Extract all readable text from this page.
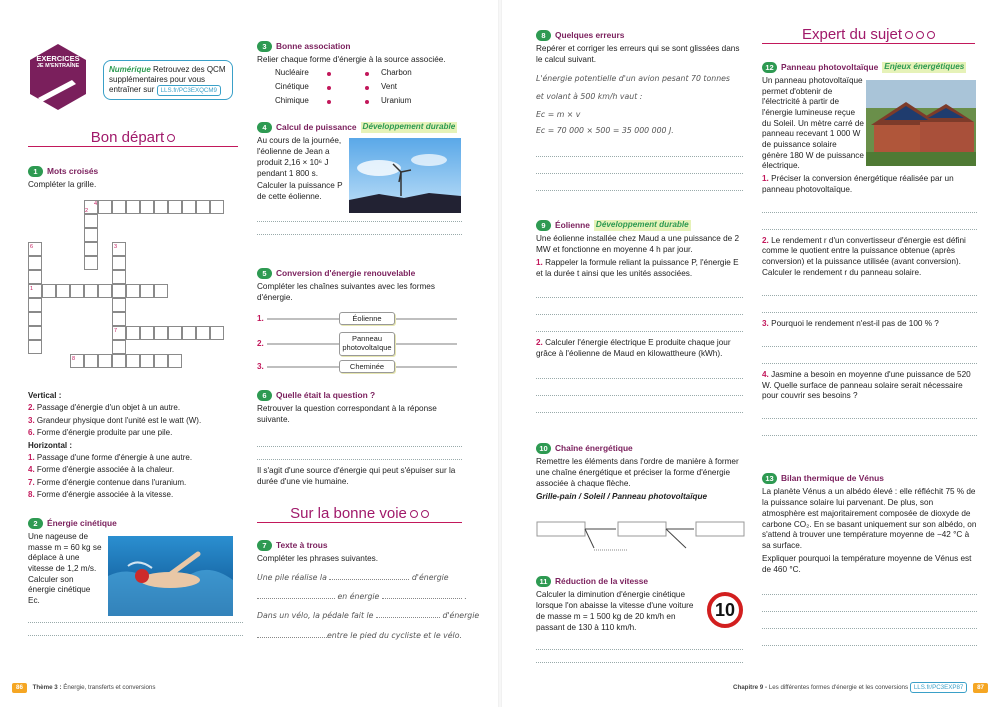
EXERCICES
JE M'ENTRAÎNE	Numérique Retrouvez des QCM supplémentaires pour vous entraîner sur LLS.fr/PC3EXQCM9
Bon départ
1	Mots croisés

Compléter la grille.

1
2
3
4
6
7
8
Vertical :
2. Passage d'énergie d'un objet à un autre.
3. Grandeur physique dont l'unité est le watt (W).
6. Forme d'énergie produite par une pile.
Horizontal :
1. Passage d'une forme d'énergie à une autre.
4. Forme d'énergie associée à la chaleur.
7. Forme d'énergie contenue dans l'uranium.
8. Forme d'énergie associée à la vitesse.
2	Énergie cinétique

Une nageuse de masse m = 60 kg se déplace à une vitesse de 1,2 m/s. Calculer son énergie cinétique Ec.

3	Bonne association

Relier chaque forme d'énergie à la source associée.

Nucléaire
Cinétique
Chimique
Charbon
Vent
Uranium
4	Calcul de puissance Développement durable

Au cours de la journée, l'éolienne de Jean a produit 2,16 × 10⁶ J pendant 1 800 s.

Calculer la puissance P de cette éolienne.

5	Conversion d'énergie renouvelable

Compléter les chaînes suivantes avec les formes d'énergie.

1.
2.
3.
Éolienne
Panneau photovoltaïque
Cheminée
6	Quelle était la question ?

Retrouver la question correspondant à la réponse suivante.

Il s'agit d'une source d'énergie qui peut s'épuiser sur la durée d'une vie humaine.

Sur la bonne voie
7	Texte à trous

Compléter les phrases suivantes.

Une pile réalise la	d'énergie
en énergie	.
Dans un vélo, la pédale fait le	d'énergie
entre le pied du cycliste et le vélo.
86 Thème 3 : Énergie, transferts et conversions
8	Quelques erreurs

Repérer et corriger les erreurs qui se sont glissées dans le calcul suivant.

L'énergie potentielle d'un avion pesant 70 tonnes
et volant à 500 km/h vaut :
Ec = m × v
Ec = 70 000 × 500 = 35 000 000 J.
9	Éolienne Développement durable

Une éolienne installée chez Maud a une puissance de 2 MW et fonctionne en moyenne 4 h par jour.

1. Rappeler la formule reliant la puissance P, l'énergie E et la durée t ainsi que les unités associées.

2. Calculer l'énergie électrique E produite chaque jour grâce à l'éolienne de Maud en kilowattheure (kWh).

10 Chaîne énergétique

Remettre les éléments dans l'ordre de manière à former une chaîne énergétique et préciser la forme d'énergie associée à chaque flèche.

Grille-pain / Soleil / Panneau photovoltaïque

11 Réduction de la vitesse

Calculer la diminution d'énergie cinétique lorsque l'on abaisse la vitesse d'une voiture de masse m = 1 500 kg de 20 km/h en passant de 130 à 110 km/h.

10
Expert du sujet
12 Panneau photovoltaïque Enjeux énergétiques

Un panneau photovoltaïque permet d'obtenir de l'électricité à partir de l'énergie lumineuse reçue du Soleil. Un mètre carré de panneau recevant 1 000 W de puissance solaire génère 180 W de puissance électrique.

1. Préciser la conversion énergétique réalisée par un panneau photovoltaïque.

2. Le rendement r d'un convertisseur d'énergie est défini comme le quotient entre la puissance obtenue (après conversion) et la puissance utilisée (avant conversion). Calculer le rendement r du panneau solaire.

3. Pourquoi le rendement n'est-il pas de 100 % ?

4. Jasmine a besoin en moyenne d'une puissance de 520 W. Quelle surface de panneau solaire serait nécessaire pour couvrir ses besoins ?

13 Bilan thermique de Vénus

La planète Vénus a un albédo élevé : elle réfléchit 75 % de la puissance solaire lui parvenant. De plus, son atmosphère est majoritairement composée de dioxyde de carbone CO₂. En se basant uniquement sur son albédo, on s'attend à trouver une température moyenne de −42 °C à sa surface.

Expliquer pourquoi la température moyenne de Vénus est de 460 °C.

Chapitre 9 - Les différentes formes d'énergie et les conversions LLS.fr/PC3EXP87 87
